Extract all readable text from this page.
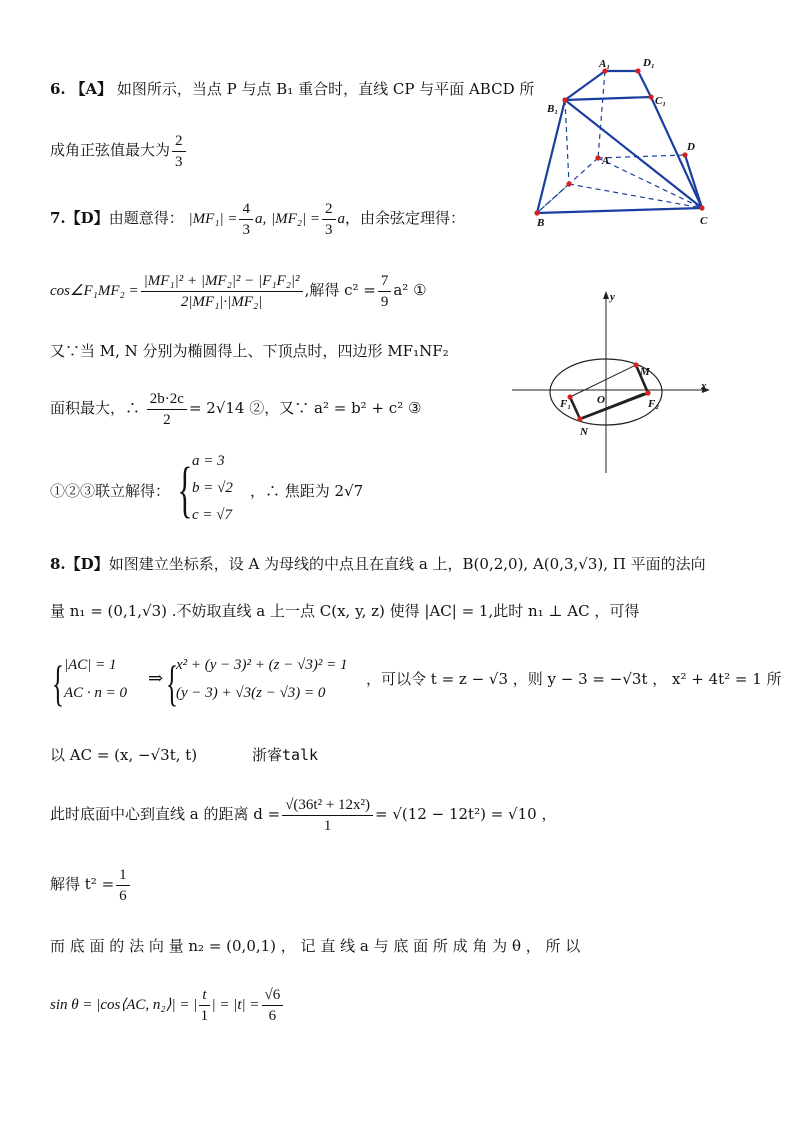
6. 【A】 如图所示，当点 P 与点 B₁ 重合时，直线 CP 与平面 ABCD 所
成角正弦值最大为 $\frac{2}{3}$
A₁	D₁
B₁
C₁
A
D
B	C
7.【D】由题意得： $|MF_1| = \frac{4}{3} a$, $|MF_2| = \frac{2}{3}$ a，由余弦定理得：
cos∠F₁MF₂ = $\frac{\text{|MF₁|² + |MF₂|² − |F₁F₂|²}}{\text{2|MF₁|·|MF₂|}}$ ,解得 $c^2 = \frac{7}{9} a^2$ ①
又∵当 M, N 分别为椭圆得上、下顶点时，四边形 MF₁NF₂
面积最大，∴ $\frac{2b\cdot 2c}{2} = 2√14$ ②，又∵ a² = b² + c² ③
①②③联立解得： { a = 3
b = √2
c = √7
，∴ 焦距为 2√7
y
x
M
O
F₁	F₂
N
8.【D】如图建立坐标系，设 A 为母线的中点且在直线 a 上，B(0,2,0), A(0,3,√3), Π 平面的法向
量 n₁ = (0,1,√3) .不妨取直线 a 上一点 C(x, y, z) 使得 |AC| = 1,此时 n₁ ⊥ AC ，可得
{ |AC| = 1
AC · n = 0
⇒ {
x² + (y − 3)² + (z − √3)² = 1
(y − 3) + √3(z − √3) = 0
，可以令 t = z − √3 ，则 y − 3 = −√3t ， x² + 4t² = 1 所
以 AC = (x, −√3t, t)	浙睿talk
此时底面中心到直线 a 的距离 $d = \frac{\text{√(36t² + 12x²)}}{1} = √(12 - 12t^2) = √10$ ，
解得 $t^2 = \frac{1}{6}$
而 底 面 的 法 向 量 n₂ = (0,0,1) ， 记 直 线 a 与 底 面 所 成 角 为 θ ， 所 以
sin θ = |cos⟨AC, n₂⟩| = | $\frac{t}{1}$ | = $|t| = \frac{√6}{6}$
